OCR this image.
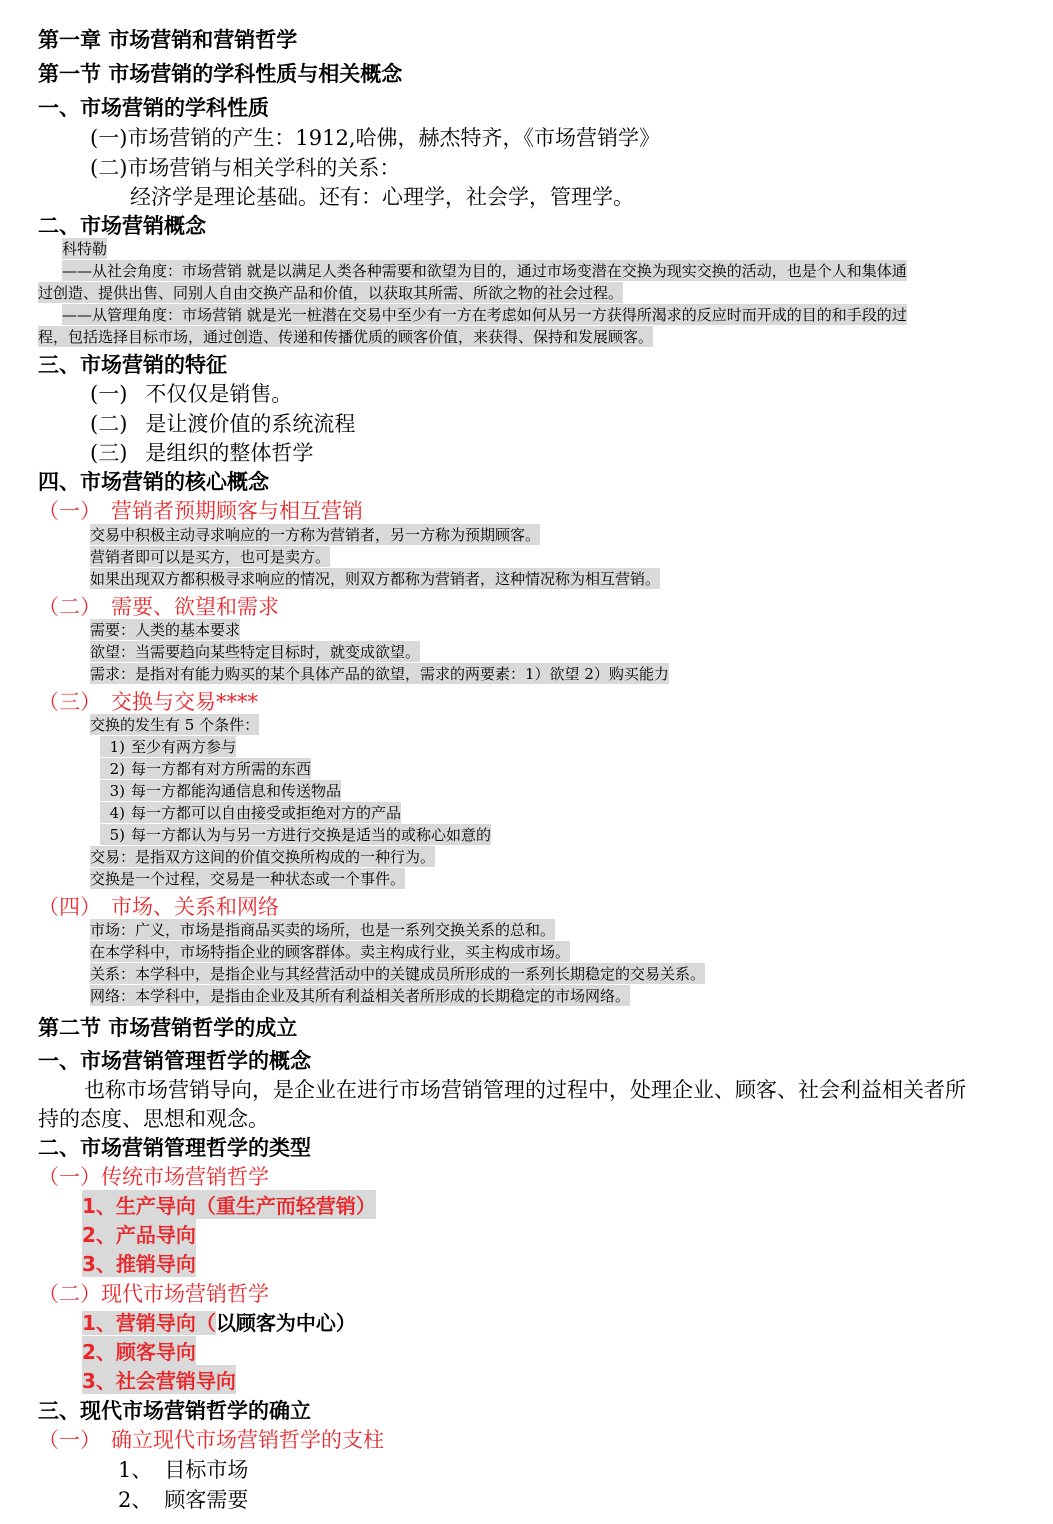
第一章 市场营销和营销哲学
第一节 市场营销的学科性质与相关概念
一、市场营销的学科性质
(一)市场营销的产生：1912,哈佛，赫杰特齐，《市场营销学》
(二)市场营销与相关学科的关系：
经济学是理论基础。还有：心理学，社会学，管理学。
二、市场营销概念
科特勒
——从社会角度：市场营销 就是以满足人类各种需要和欲望为目的，通过市场变潜在交换为现实交换的活动，也是个人和集体通
过创造、提供出售、同别人自由交换产品和价值，以获取其所需、所欲之物的社会过程。
——从管理角度：市场营销 就是光一桩潜在交易中至少有一方在考虑如何从另一方获得所渴求的反应时而开成的目的和手段的过
程，包括选择目标市场，通过创造、传递和传播优质的顾客价值，来获得、保持和发展顾客。
三、市场营销的特征
(一) 不仅仅是销售。
(二) 是让渡价值的系统流程
(三) 是组织的整体哲学
四、市场营销的核心概念
（一） 营销者预期顾客与相互营销
交易中积极主动寻求响应的一方称为营销者，另一方称为预期顾客。
营销者即可以是买方，也可是卖方。
如果出现双方都积极寻求响应的情况，则双方都称为营销者，这种情况称为相互营销。
（二） 需要、欲望和需求
需要：人类的基本要求
欲望：当需要趋向某些特定目标时，就变成欲望。
需求：是指对有能力购买的某个具体产品的欲望，需求的两要素：1）欲望 2）购买能力
（三） 交换与交易****
交换的发生有 5 个条件：
1) 至少有两方参与
2) 每一方都有对方所需的东西
3) 每一方都能沟通信息和传送物品
4) 每一方都可以自由接受或拒绝对方的产品
5) 每一方都认为与另一方进行交换是适当的或称心如意的
交易：是指双方这间的价值交换所构成的一种行为。
交换是一个过程，交易是一种状态或一个事件。
（四） 市场、关系和网络
市场：广义，市场是指商品买卖的场所，也是一系列交换关系的总和。
在本学科中，市场特指企业的顾客群体。卖主构成行业，买主构成市场。
关系：本学科中，是指企业与其经营活动中的关键成员所形成的一系列长期稳定的交易关系。
网络：本学科中，是指由企业及其所有利益相关者所形成的长期稳定的市场网络。
第二节 市场营销哲学的成立
一、市场营销管理哲学的概念
也称市场营销导向，是企业在进行市场营销管理的过程中，处理企业、顾客、社会利益相关者所
持的态度、思想和观念。
二、市场营销管理哲学的类型
（一）传统市场营销哲学
1、生产导向（重生产而轻营销）
2、产品导向
3、推销导向
（二）现代市场营销哲学
1、营销导向（以顾客为中心）
2、顾客导向
3、社会营销导向
三、现代市场营销哲学的确立
（一） 确立现代市场营销哲学的支柱
1、 目标市场
2、 顾客需要
